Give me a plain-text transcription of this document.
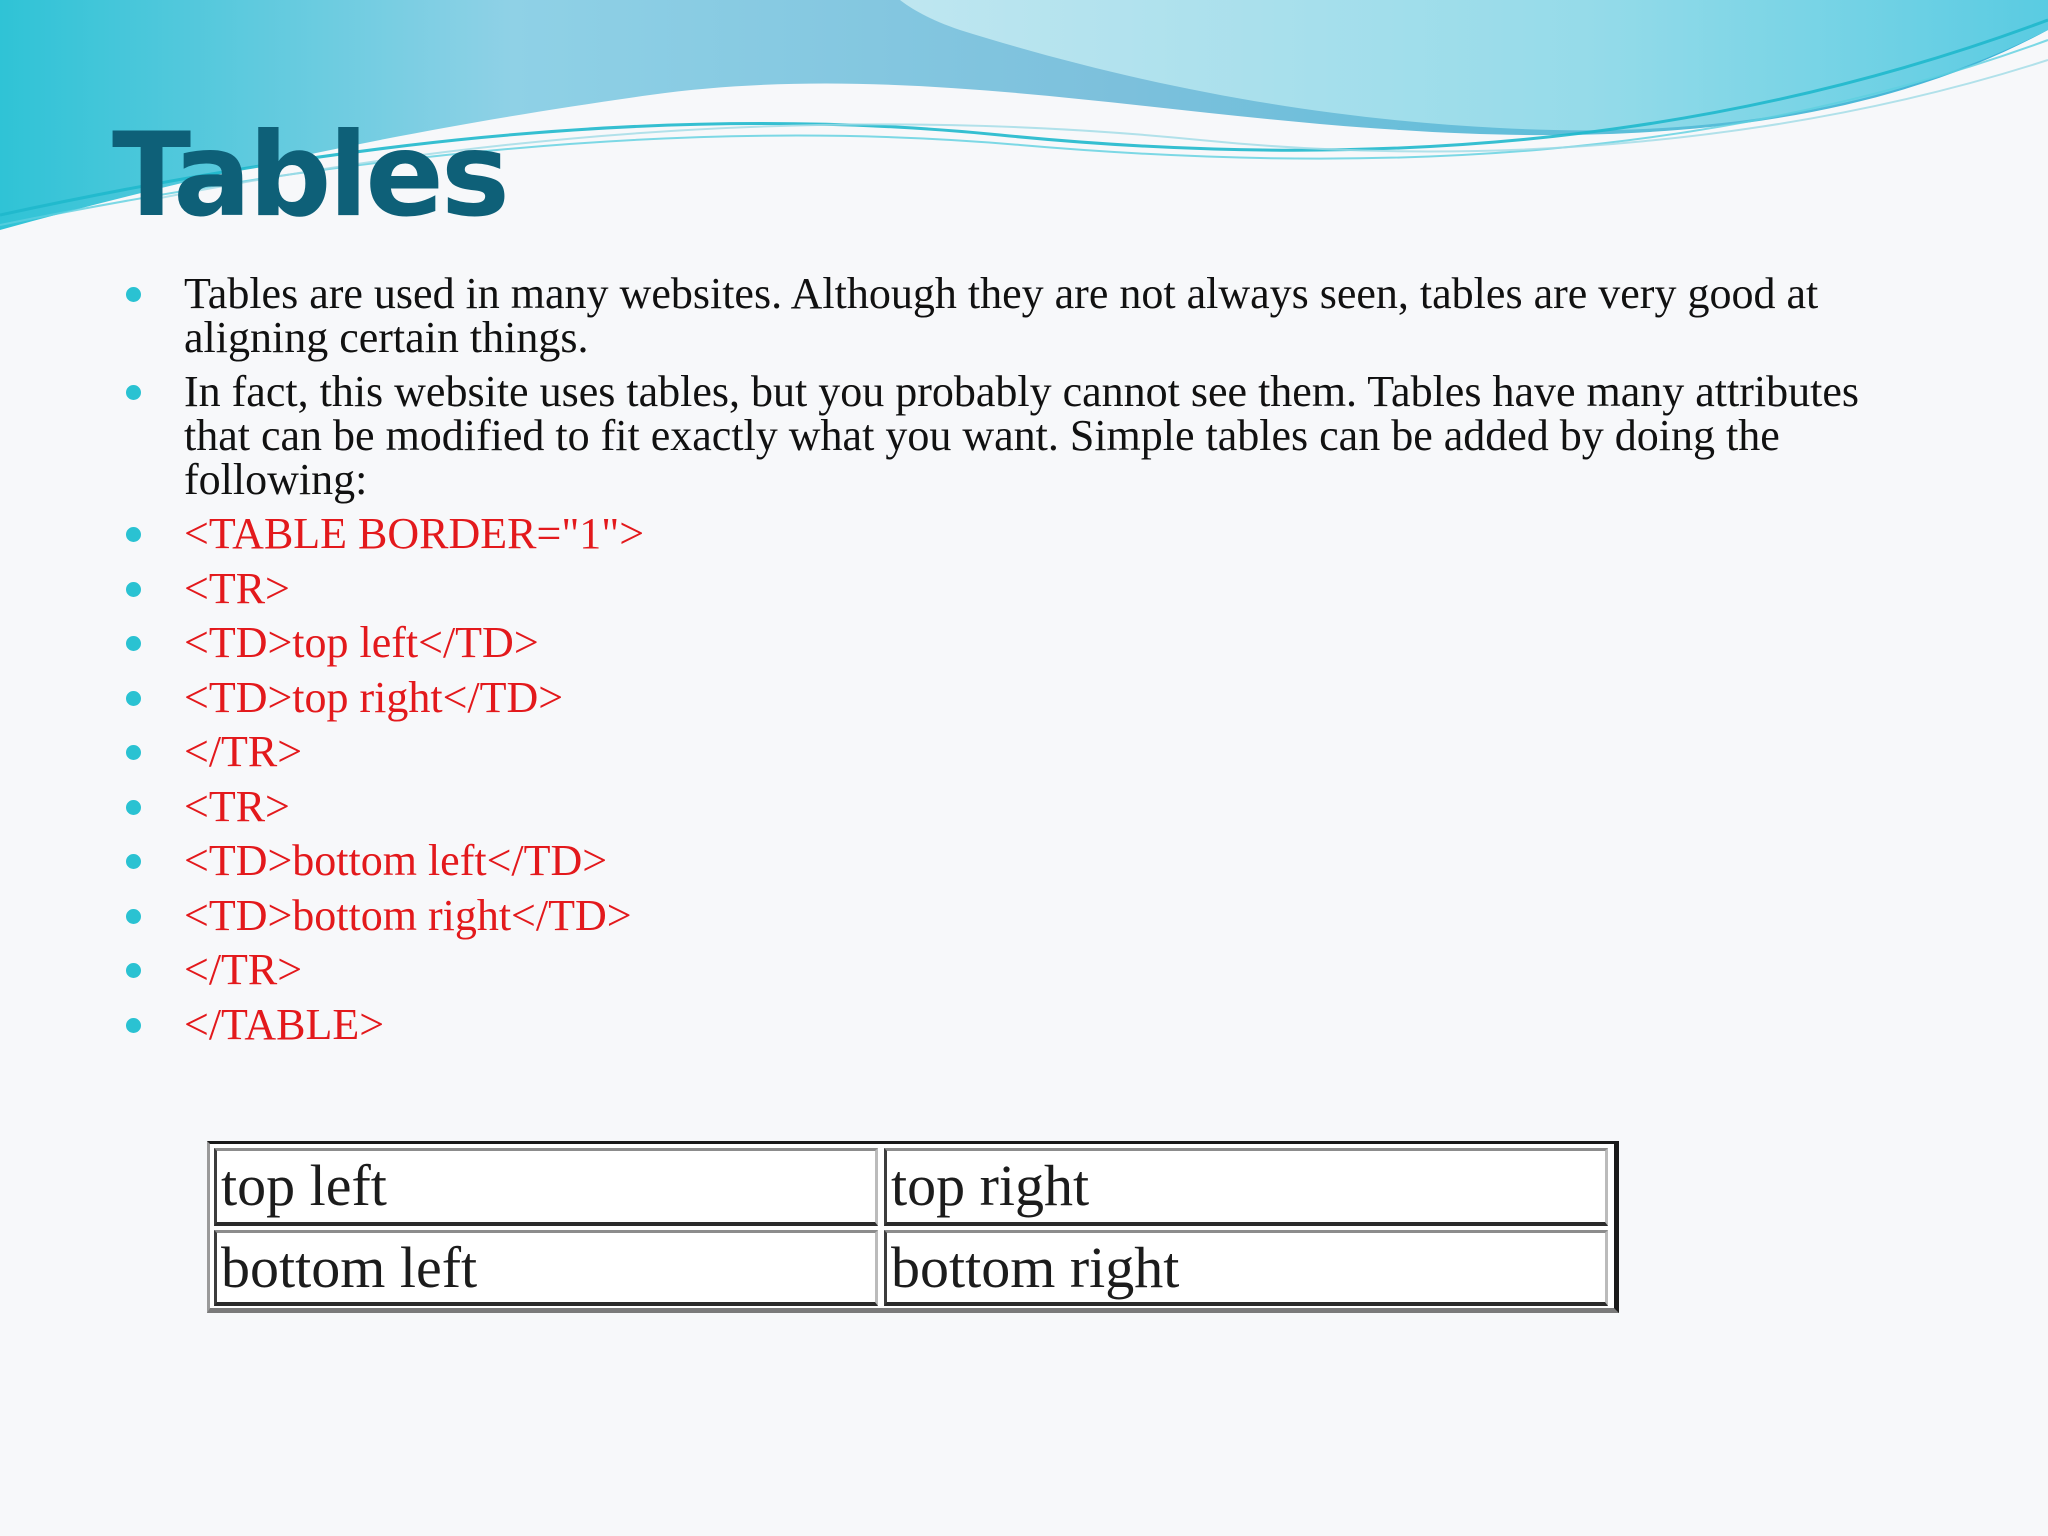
Tables
Tables are used in many websites. Although they are not always seen, tables are very good at aligning certain things.
In fact, this website uses tables, but you probably cannot see them. Tables have many attributes that can be modified to fit exactly what you want. Simple tables can be added by doing the following:
<TABLE BORDER="1">
<TR>
<TD>top left</TD>
<TD>top right</TD>
</TR>
<TR>
<TD>bottom left</TD>
<TD>bottom right</TD>
</TR>
</TABLE>
top left	top right
bottom left	bottom right
